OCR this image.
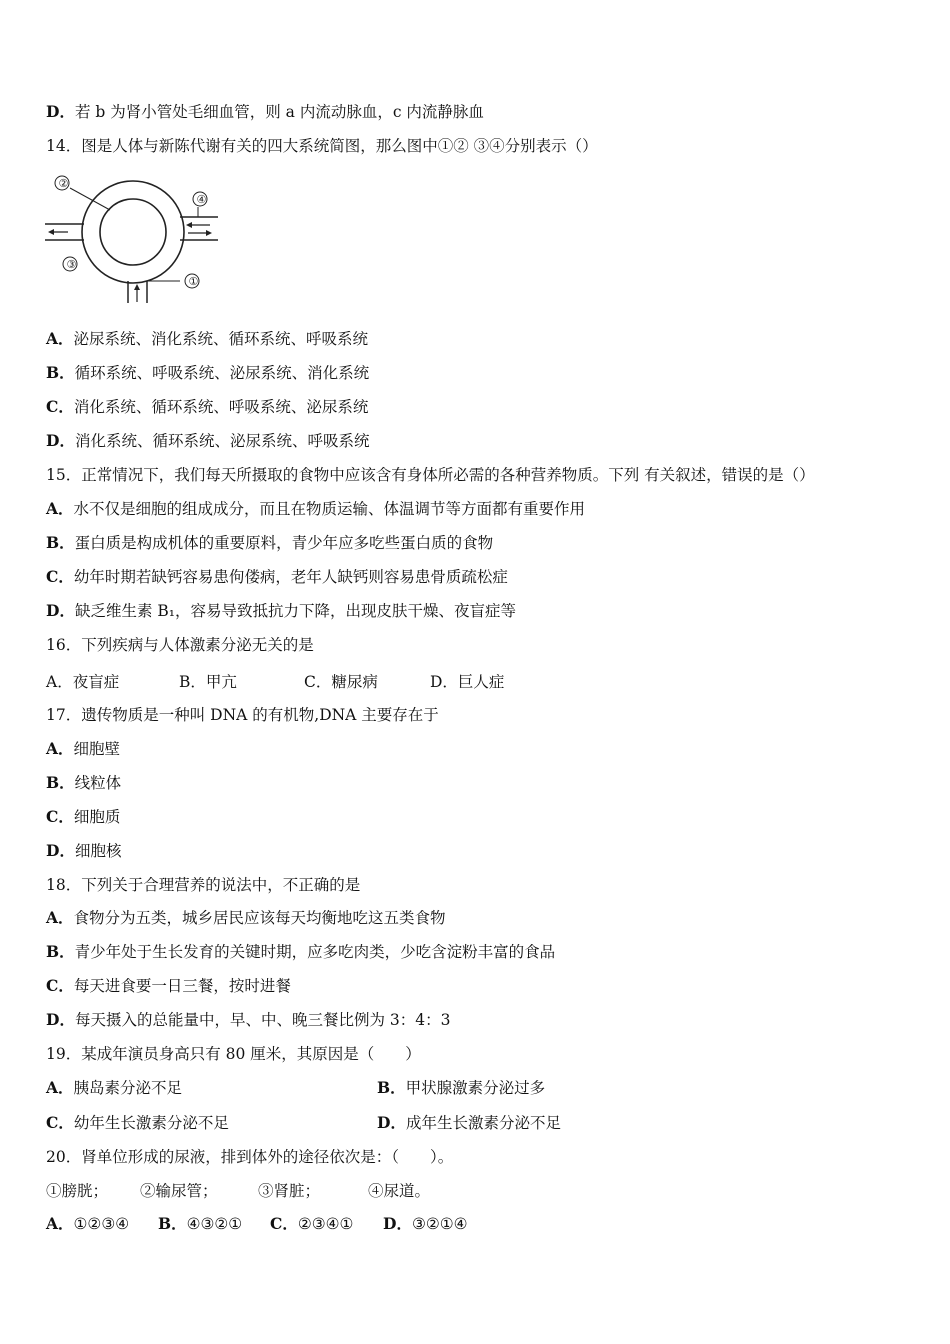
D．若 b 为肾小管处毛细血管，则 a 内流动脉血，c 内流静脉血
14．图是人体与新陈代谢有关的四大系统简图，那么图中①② ③④分别表示（）
②
④
③
①
A．泌尿系统、消化系统、循环系统、呼吸系统
B．循环系统、呼吸系统、泌尿系统、消化系统
C．消化系统、循环系统、呼吸系统、泌尿系统
D．消化系统、循环系统、泌尿系统、呼吸系统
15．正常情况下，我们每天所摄取的食物中应该含有身体所必需的各种营养物质。下列 有关叙述，错误的是（）
A．水不仅是细胞的组成成分，而且在物质运输、体温调节等方面都有重要作用
B．蛋白质是构成机体的重要原料，青少年应多吃些蛋白质的食物
C．幼年时期若缺钙容易患佝偻病，老年人缺钙则容易患骨质疏松症
D．缺乏维生素 B₁，容易导致抵抗力下降，出现皮肤干燥、夜盲症等
16．下列疾病与人体激素分泌无关的是
A．夜盲症	B．甲亢	C．糖尿病	D．巨人症
17．遗传物质是一种叫 DNA 的有机物,DNA 主要存在于
A．细胞壁
B．线粒体
C．细胞质
D．细胞核
18．下列关于合理营养的说法中，不正确的是
A．食物分为五类，城乡居民应该每天均衡地吃这五类食物
B．青少年处于生长发育的关键时期，应多吃肉类，少吃含淀粉丰富的食品
C．每天进食要一日三餐，按时进餐
D．每天摄入的总能量中，早、中、晚三餐比例为 3：4：3
19．某成年演员身高只有 80 厘米，其原因是（　　）
A．胰岛素分泌不足	B．甲状腺激素分泌过多
C．幼年生长激素分泌不足	D．成年生长激素分泌不足
20．肾单位形成的尿液，排到体外的途径依次是：（　　）。
①膀胱； ②输尿管；	③肾脏；	④尿道。
A．①②③④ B．④③②① C．②③④① D．③②①④
